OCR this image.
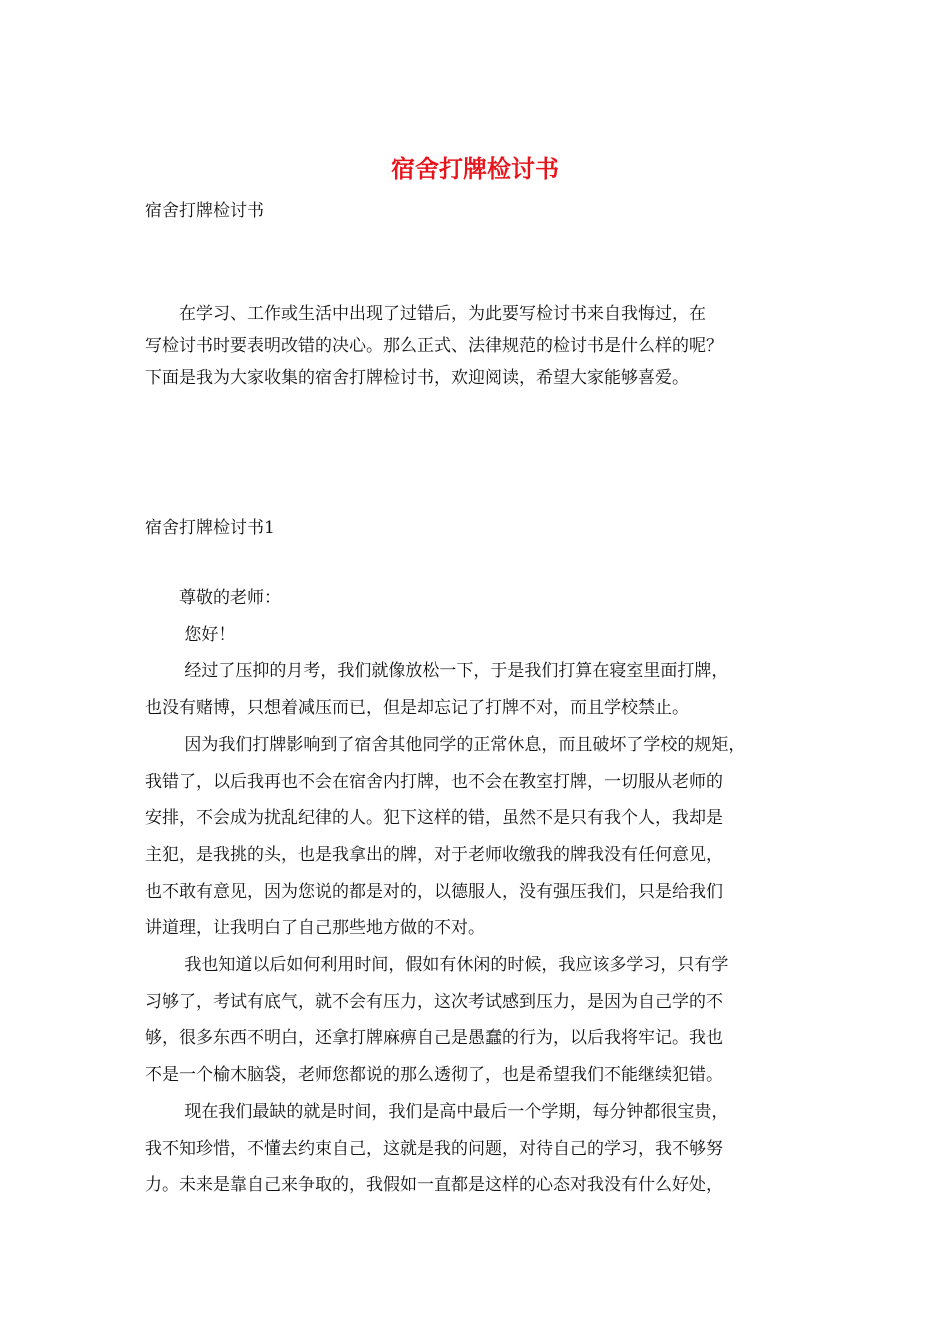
宿舍打牌检讨书
宿舍打牌检讨书
　　在学习、工作或生活中出现了过错后，为此要写检讨书来自我悔过，在
写检讨书时要表明改错的决心。那么正式、法律规范的检讨书是什么样的呢？
下面是我为大家收集的宿舍打牌检讨书，欢迎阅读，希望大家能够喜爱。
宿舍打牌检讨书1
　　尊敬的老师：
　　 您好！
　　 经过了压抑的月考，我们就像放松一下，于是我们打算在寝室里面打牌，
也没有赌博，只想着减压而已，但是却忘记了打牌不对，而且学校禁止。
　　 因为我们打牌影响到了宿舍其他同学的正常休息，而且破坏了学校的规矩，
我错了，以后我再也不会在宿舍内打牌，也不会在教室打牌，一切服从老师的
安排，不会成为扰乱纪律的人。犯下这样的错，虽然不是只有我个人，我却是
主犯，是我挑的头，也是我拿出的牌，对于老师收缴我的牌我没有任何意见，
也不敢有意见，因为您说的都是对的，以德服人，没有强压我们，只是给我们
讲道理，让我明白了自己那些地方做的不对。
　　 我也知道以后如何利用时间，假如有休闲的时候，我应该多学习，只有学
习够了，考试有底气，就不会有压力，这次考试感到压力，是因为自己学的不
够，很多东西不明白，还拿打牌麻痹自己是愚蠢的行为，以后我将牢记。我也
不是一个榆木脑袋，老师您都说的那么透彻了，也是希望我们不能继续犯错。
　　 现在我们最缺的就是时间，我们是高中最后一个学期，每分钟都很宝贵，
我不知珍惜，不懂去约束自己，这就是我的问题，对待自己的学习，我不够努
力。未来是靠自己来争取的，我假如一直都是这样的心态对我没有什么好处，
